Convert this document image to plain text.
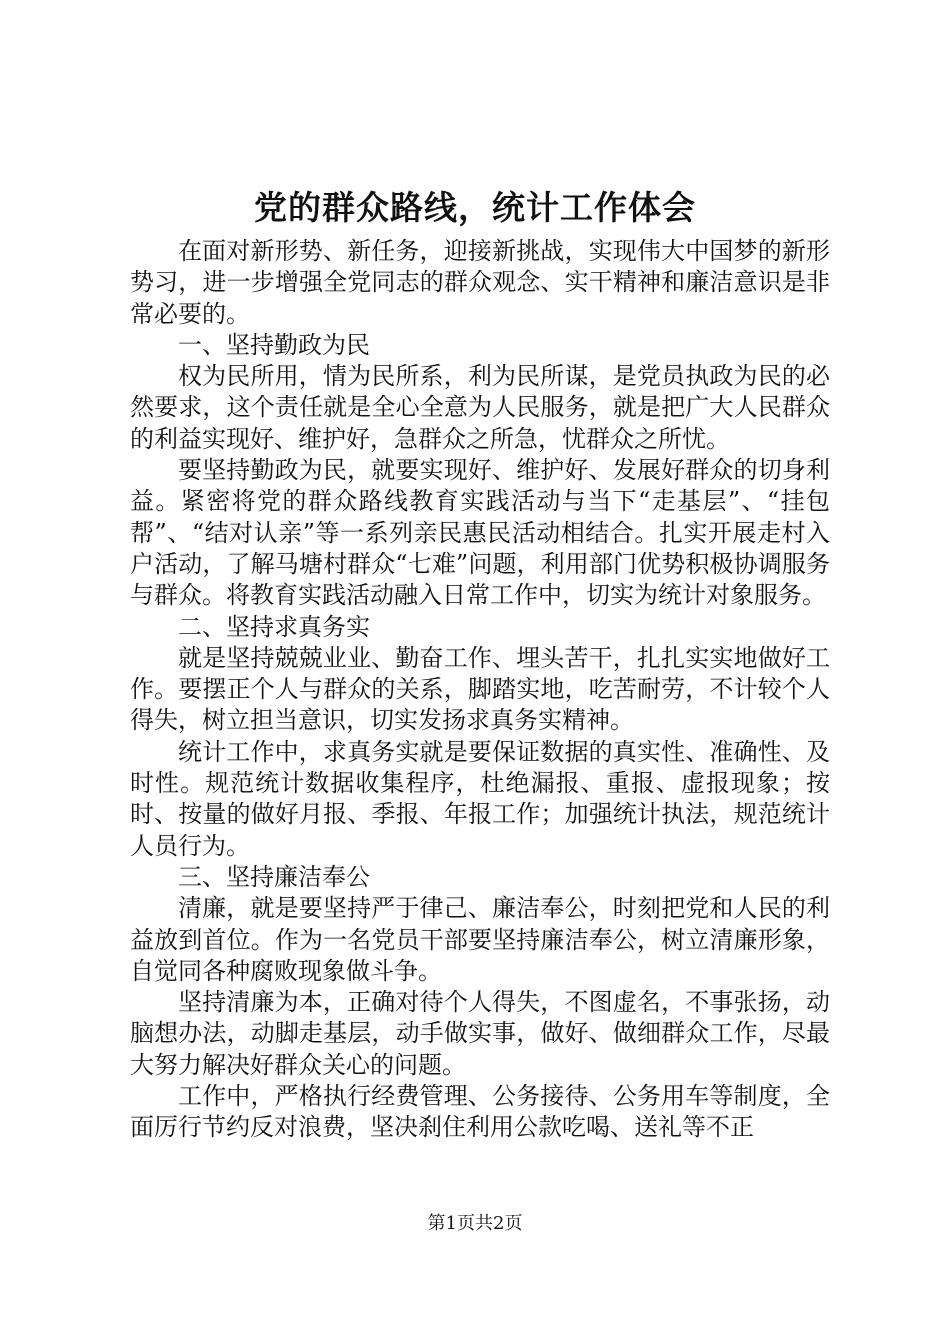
党的群众路线，统计工作体会

在面对新形势、新任务，迎接新挑战，实现伟大中国梦的新形势习，进一步增强全党同志的群众观念、实干精神和廉洁意识是非常必要的。

一、坚持勤政为民

权为民所用，情为民所系，利为民所谋，是党员执政为民的必然要求，这个责任就是全心全意为人民服务，就是把广大人民群众的利益实现好、维护好，急群众之所急，忧群众之所忧。

要坚持勤政为民，就要实现好、维护好、发展好群众的切身利益。紧密将党的群众路线教育实践活动与当下“走基层”、“挂包帮”、“结对认亲”等一系列亲民惠民活动相结合。扎实开展走村入户活动，了解马塘村群众“七难”问题，利用部门优势积极协调服务与群众。将教育实践活动融入日常工作中，切实为统计对象服务。

二、坚持求真务实

就是坚持兢兢业业、勤奋工作、埋头苦干，扎扎实实地做好工作。要摆正个人与群众的关系，脚踏实地，吃苦耐劳，不计较个人得失，树立担当意识，切实发扬求真务实精神。

统计工作中，求真务实就是要保证数据的真实性、准确性、及时性。规范统计数据收集程序，杜绝漏报、重报、虚报现象；按时、按量的做好月报、季报、年报工作；加强统计执法，规范统计人员行为。

三、坚持廉洁奉公

清廉，就是要坚持严于律己、廉洁奉公，时刻把党和人民的利益放到首位。作为一名党员干部要坚持廉洁奉公，树立清廉形象，自觉同各种腐败现象做斗争。

坚持清廉为本，正确对待个人得失，不图虚名，不事张扬，动脑想办法，动脚走基层，动手做实事，做好、做细群众工作，尽最大努力解决好群众关心的问题。

工作中，严格执行经费管理、公务接待、公务用车等制度，全面厉行节约反对浪费，坚决刹住利用公款吃喝、送礼等不正

第1页共2页
